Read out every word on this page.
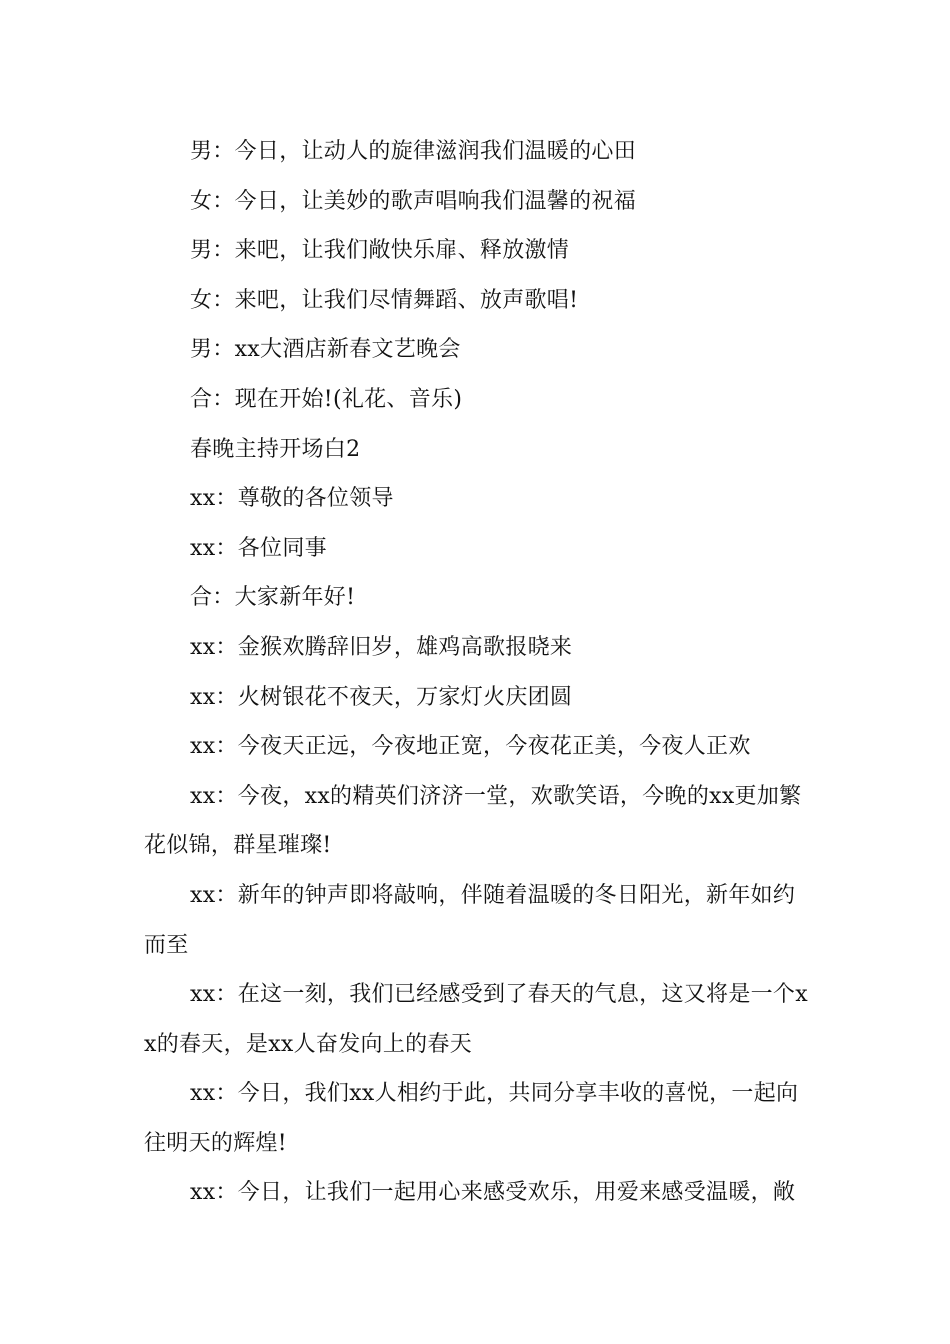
男：今日，让动人的旋律滋润我们温暖的心田

女：今日，让美妙的歌声唱响我们温馨的祝福

男：来吧，让我们敞快乐扉、释放激情

女：来吧，让我们尽情舞蹈、放声歌唱!

男：xx大酒店新春文艺晚会

合：现在开始!(礼花、音乐)

春晚主持开场白2

xx：尊敬的各位领导

xx：各位同事

合：大家新年好!

xx：金猴欢腾辞旧岁，雄鸡高歌报晓来

xx：火树银花不夜天，万家灯火庆团圆

xx：今夜天正远，今夜地正宽，今夜花正美，今夜人正欢

xx：今夜，xx的精英们济济一堂，欢歌笑语，今晚的xx更加繁花似锦，群星璀璨!

xx：新年的钟声即将敲响，伴随着温暖的冬日阳光，新年如约而至

xx：在这一刻，我们已经感受到了春天的气息，这又将是一个xx的春天，是xx人奋发向上的春天

xx：今日，我们xx人相约于此，共同分享丰收的喜悦，一起向往明天的辉煌!

xx：今日，让我们一起用心来感受欢乐，用爱来感受温暖，敞
